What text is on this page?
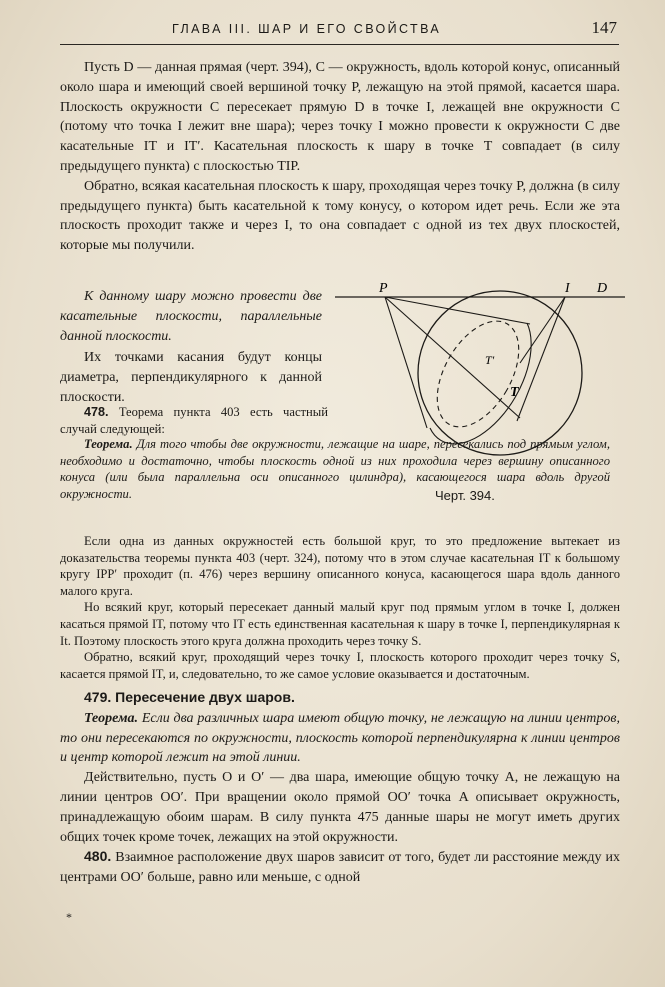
ГЛАВА III. ШАР И ЕГО СВОЙСТВА	147

Пусть D — данная прямая (черт. 394), C — окружность, вдоль которой конус, описанный около шара и имеющий своей вершиной точку P, лежащую на этой прямой, касается шара. Плоскость окружности C пересекает прямую D в точке I, лежащей вне окружности C (потому что точка I лежит вне шара); через точку I можно провести к окружности C две касательные IT и IT′. Касательная плоскость к шару в точке T совпадает (в силу предыдущего пункта) с плоскостью TIP.

Обратно, всякая касательная плоскость к шару, проходящая через точку P, должна (в силу предыдущего пункта) быть касательной к тому конусу, о котором идет речь. Если же эта плоскость проходит также и через I, то она совпадает с одной из тех двух плоскостей, которые мы получили.

К данному шару можно провести две касательные плоскости, параллельные данной плоскости.

Их точками касания будут концы диаметра, перпендикулярного к данной плоскости.

478. Теорема пункта 403 есть частный случай следующей:

Теорема. Для того чтобы две окружности, лежащие на шаре, пересекались под прямым углом, необходимо и достаточно, чтобы плоскость одной из них проходила через вершину описанного конуса (или была параллельна оси описанного цилиндра), касающегося шара вдоль другой окружности.

Если одна из данных окружностей есть большой круг, то это предложение вытекает из доказательства теоремы пункта 403 (черт. 324), потому что в этом случае касательная IT к большому кругу IPP′ проходит (п. 476) через вершину описанного конуса, касающегося шара вдоль данного малого круга.

Но всякий круг, который пересекает данный малый круг под прямым углом в точке I, должен касаться прямой IT, потому что IT есть единственная касательная к шару в точке I, перпендикулярная к It. Поэтому плоскость этого круга должна проходить через точку S.

Обратно, всякий круг, проходящий через точку I, плоскость которого проходит через точку S, касается прямой IT, и, следовательно, то же самое условие оказывается и достаточным.

479. Пересечение двух шаров.

Теорема. Если два различных шара имеют общую точку, не лежащую на линии центров, то они пересекаются по окружности, плоскость которой перпендикулярна к линии центров и центр которой лежит на этой линии.

Действительно, пусть O и O′ — два шара, имеющие общую точку A, не лежащую на линии центров OO′. При вращении около прямой OO′ точка A описывает окружность, принадлежащую обоим шарам. В силу пункта 475 данные шары не могут иметь других общих точек кроме точек, лежащих на этой окружности.

480. Взаимное расположение двух шаров зависит от того, будет ли расстояние между их центрами OO′ больше, равно или меньше, с одной

P	I D
T
T′
Черт. 394.
*
